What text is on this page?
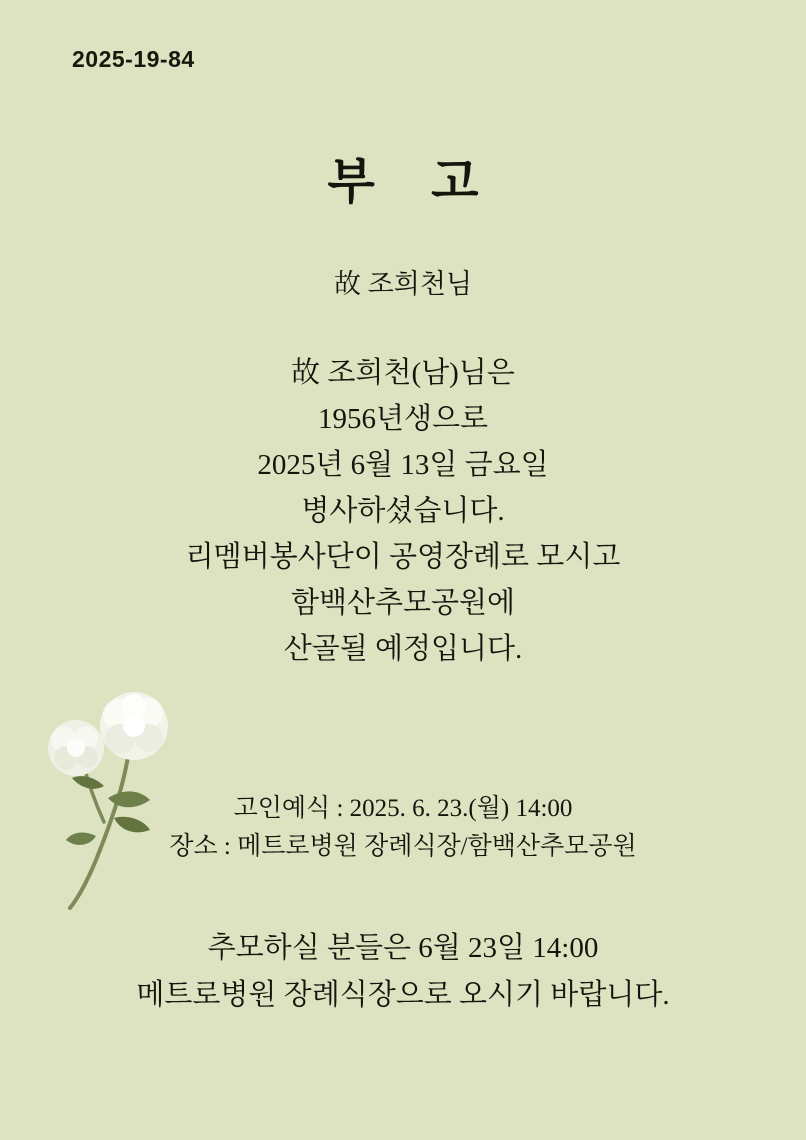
2025-19-84
부 고
故 조희천님
故 조희천(남)님은
1956년생으로
2025년 6월 13일 금요일
병사하셨습니다.
리멤버봉사단이 공영장례로 모시고
함백산추모공원에
산골될 예정입니다.
고인예식 : 2025. 6. 23.(월) 14:00
장소 : 메트로병원 장례식장/함백산추모공원
추모하실 분들은 6월 23일 14:00
메트로병원 장례식장으로 오시기 바랍니다.
